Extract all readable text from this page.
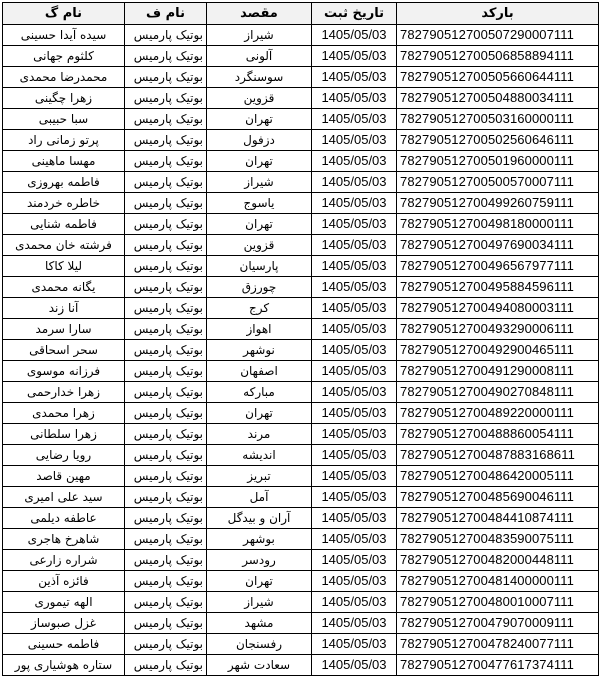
نام گ	نام ف	مقصد	تاریخ ثبت	بارکد
سیده آیدا حسینی	بوتیک پارمیس	شیراز	1405/05/03	782790512700507290007111
کلثوم جهانی	بوتیک پارمیس	آلونی	1405/05/03	782790512700506858894111
محمدرضا محمدی	بوتیک پارمیس	سوسنگرد	1405/05/03	782790512700505660644111
زهرا چگینی	بوتیک پارمیس	قزوین	1405/05/03	782790512700504880034111
سبا حبیبی	بوتیک پارمیس	تهران	1405/05/03	782790512700503160000111
پرتو زمانی راد	بوتیک پارمیس	دزفول	1405/05/03	782790512700502560646111
مهسا ماهینی	بوتیک پارمیس	تهران	1405/05/03	782790512700501960000111
فاطمه بهروزی	بوتیک پارمیس	شیراز	1405/05/03	782790512700500570007111
خاطره خردمند	بوتیک پارمیس	یاسوج	1405/05/03	782790512700499260759111
فاطمه شنایی	بوتیک پارمیس	تهران	1405/05/03	782790512700498180000111
فرشته خان محمدی	بوتیک پارمیس	قزوین	1405/05/03	782790512700497690034111
لیلا کاکا	بوتیک پارمیس	پارسیان	1405/05/03	782790512700496567977111
یگانه محمدی	بوتیک پارمیس	چورزق	1405/05/03	782790512700495884596111
آنا زند	بوتیک پارمیس	کرج	1405/05/03	782790512700494080003111
سارا سرمد	بوتیک پارمیس	اهواز	1405/05/03	782790512700493290006111
سحر اسحاقی	بوتیک پارمیس	نوشهر	1405/05/03	782790512700492900465111
فرزانه موسوی	بوتیک پارمیس	اصفهان	1405/05/03	782790512700491290008111
زهرا خدارحمی	بوتیک پارمیس	مبارکه	1405/05/03	782790512700490270848111
زهرا محمدی	بوتیک پارمیس	تهران	1405/05/03	782790512700489220000111
زهرا سلطانی	بوتیک پارمیس	مرند	1405/05/03	782790512700488860054111
رویا رضایی	بوتیک پارمیس	اندیشه	1405/05/03	782790512700487883168611
مهین قاصد	بوتیک پارمیس	تبریز	1405/05/03	782790512700486420005111
سید علی امیری	بوتیک پارمیس	آمل	1405/05/03	782790512700485690046111
عاطفه دیلمی	بوتیک پارمیس	آران و بیدگل	1405/05/03	782790512700484410874111
شاهرخ هاجری	بوتیک پارمیس	بوشهر	1405/05/03	782790512700483590075111
شراره زارعی	بوتیک پارمیس	رودسر	1405/05/03	782790512700482000448111
فائزه آذین	بوتیک پارمیس	تهران	1405/05/03	782790512700481400000111
الهه تیموری	بوتیک پارمیس	شیراز	1405/05/03	782790512700480010007111
غزل صبوساز	بوتیک پارمیس	مشهد	1405/05/03	782790512700479070009111
فاطمه حسینی	بوتیک پارمیس	رفسنجان	1405/05/03	782790512700478240077111
ستاره هوشیاری پور	بوتیک پارمیس	سعادت شهر	1405/05/03	782790512700477617374111
